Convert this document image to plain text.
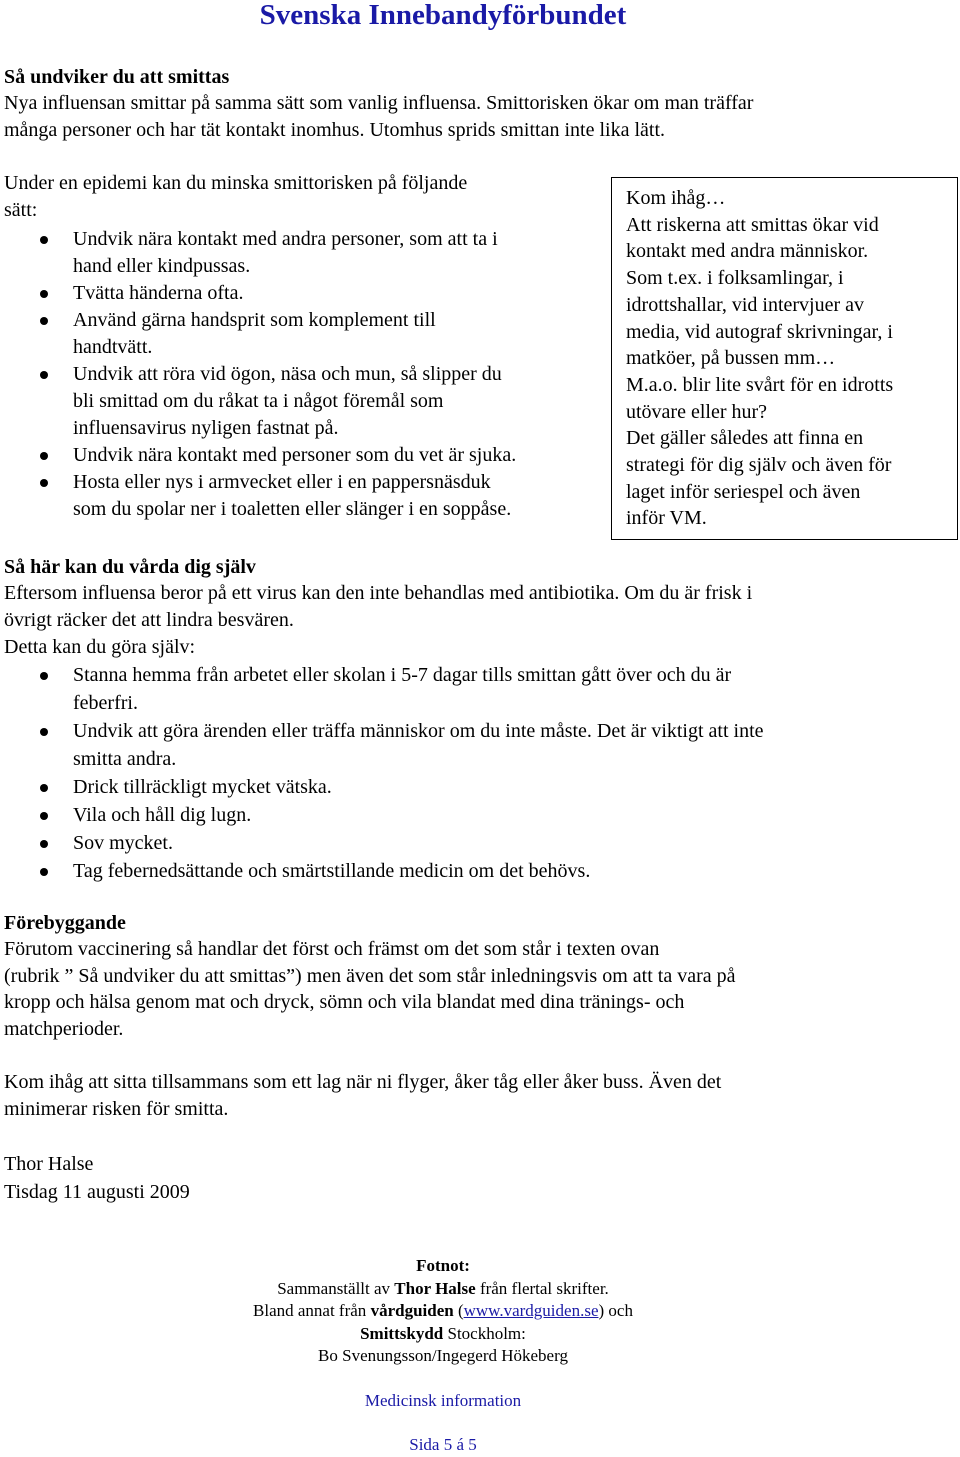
Svenska Innebandyförbundet
Så undviker du att smittas
Nya influensan smittar på samma sätt som vanlig influensa. Smittorisken ökar om man träffar
många personer och har tät kontakt inomhus. Utomhus sprids smittan inte lika lätt.
Under en epidemi kan du minska smittorisken på följande
sätt:
Undvik nära kontakt med andra personer, som att ta i
hand eller kindpussas.
Tvätta händerna ofta.
Använd gärna handsprit som komplement till
handtvätt.
Undvik att röra vid ögon, näsa och mun, så slipper du
bli smittad om du råkat ta i något föremål som
influensavirus nyligen fastnat på.
Undvik nära kontakt med personer som du vet är sjuka.
Hosta eller nys i armvecket eller i en pappersnäsduk
som du spolar ner i toaletten eller slänger i en soppåse.
Kom ihåg…
Att riskerna att smittas ökar vid
kontakt med andra människor.
Som t.ex. i folksamlingar, i
idrottshallar, vid intervjuer av
media, vid autograf skrivningar, i
matköer, på bussen mm…
M.a.o. blir lite svårt för en idrotts
utövare eller hur?
Det gäller således att finna en
strategi för dig själv och även för
laget inför seriespel och även
inför VM.
Så här kan du vårda dig själv
Eftersom influensa beror på ett virus kan den inte behandlas med antibiotika. Om du är frisk i
övrigt räcker det att lindra besvären.
Detta kan du göra själv:
Stanna hemma från arbetet eller skolan i 5-7 dagar tills smittan gått över och du är
feberfri.
Undvik att göra ärenden eller träffa människor om du inte måste. Det är viktigt att inte
smitta andra.
Drick tillräckligt mycket vätska.
Vila och håll dig lugn.
Sov mycket.
Tag febernedsättande och smärtstillande medicin om det behövs.
Förebyggande
Förutom vaccinering så handlar det först och främst om det som står i texten ovan
(rubrik ” Så undviker du att smittas”) men även det som står inledningsvis om att ta vara på
kropp och hälsa genom mat och dryck, sömn och vila blandat med dina tränings- och
matchperioder.
Kom ihåg att sitta tillsammans som ett lag när ni flyger, åker tåg eller åker buss. Även det
minimerar risken för smitta.
Thor Halse
Tisdag 11 augusti 2009
Fotnot:
Sammanställt av Thor Halse från flertal skrifter.
Bland annat från vårdguiden (www.vardguiden.se) och
Smittskydd Stockholm:
Bo Svenungsson/Ingegerd Hökeberg
Medicinsk information
Sida 5 á 5
